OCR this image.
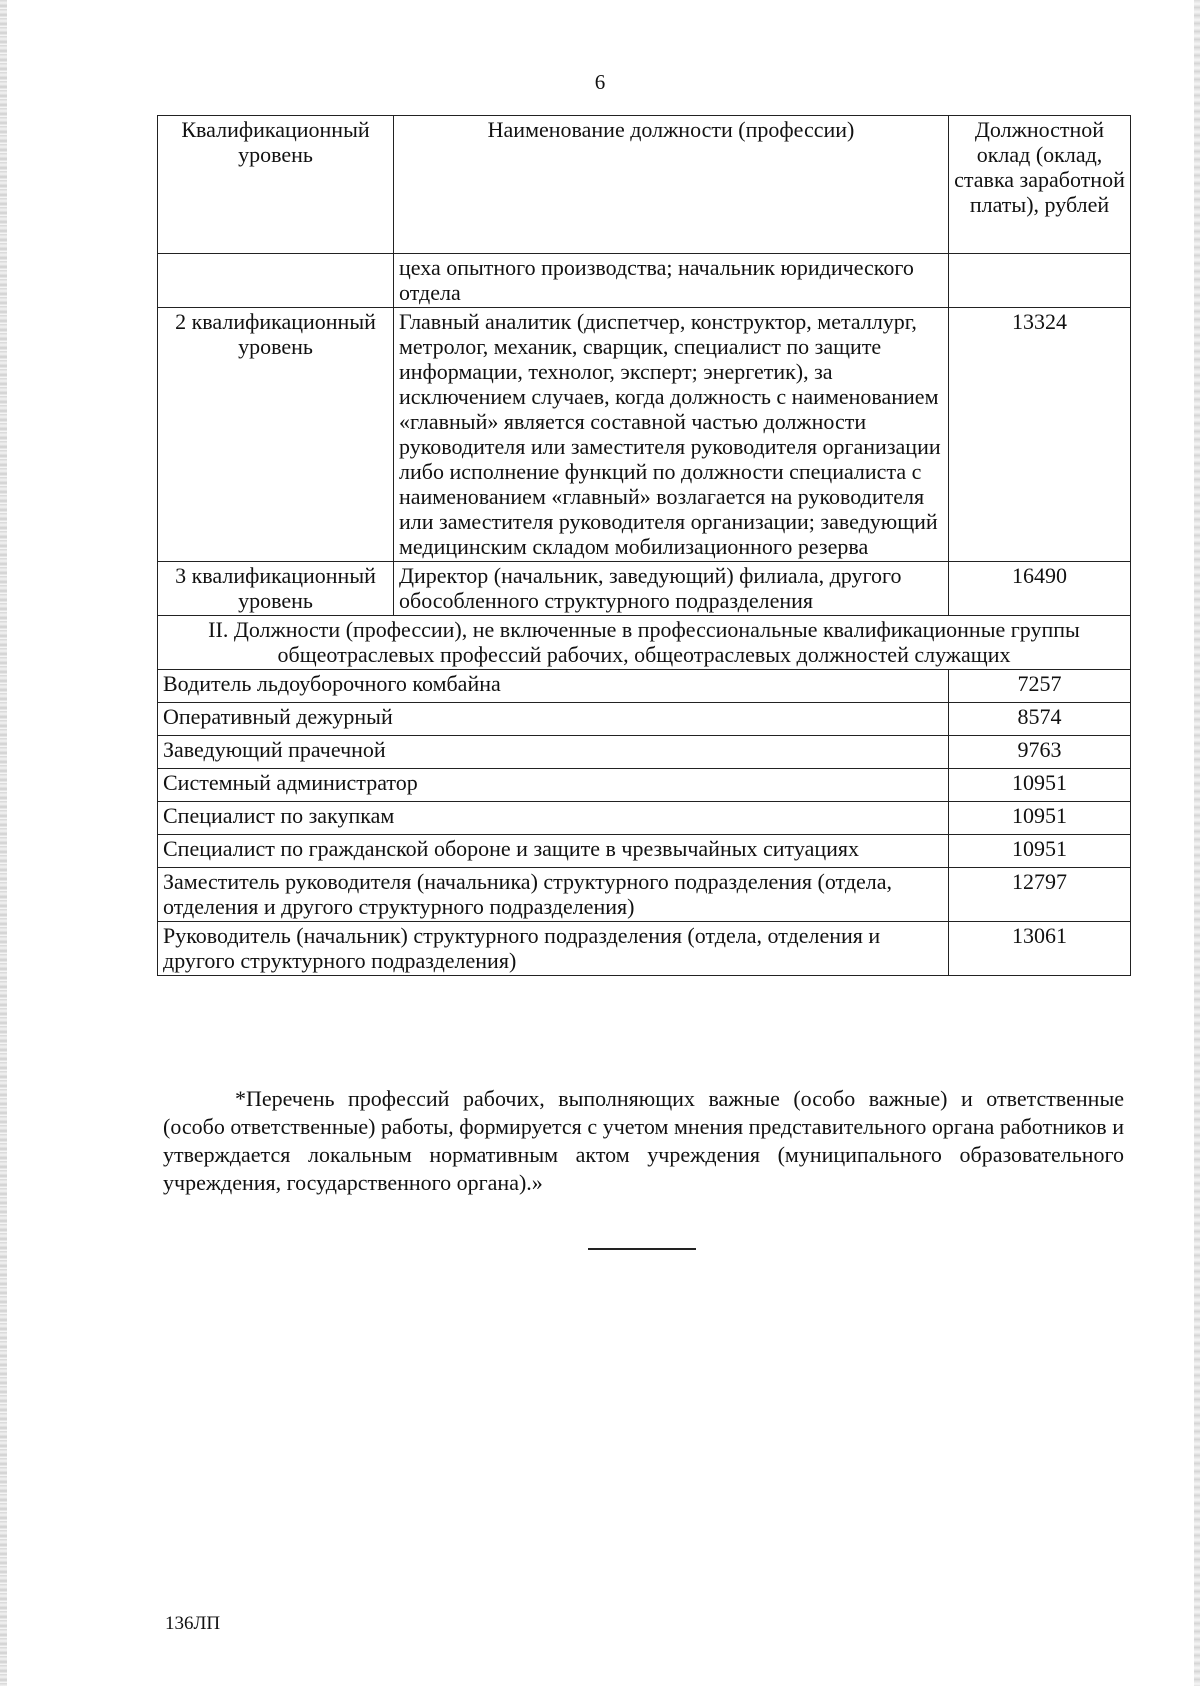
6
Квалификационный уровень	Наименование должности (профессии)	Должностной оклад (оклад, ставка заработной платы), рублей
	цеха опытного производства; начальник юридического отдела	
2 квалификационный уровень	Главный аналитик (диспетчер, конструктор, металлург, метролог, механик, сварщик, специалист по защите информации, технолог, эксперт; энергетик), за исключением случаев, когда должность с наименованием «главный» является составной частью должности руководителя или заместителя руководителя организации либо исполнение функций по должности специалиста с наименованием «главный» возлагается на руководителя или заместителя руководителя организации; заведующий медицинским складом мобилизационного резерва	13324
3 квалификационный уровень	Директор (начальник, заведующий) филиала, другого обособленного структурного подразделения	16490
II. Должности (профессии), не включенные в профессиональные квалификационные группы общеотраслевых профессий рабочих, общеотраслевых должностей служащих		
Водитель льдоуборочного комбайна		7257
Оперативный дежурный		8574
Заведующий прачечной		9763
Системный администратор		10951
Специалист по закупкам		10951
Специалист по гражданской обороне и защите в чрезвычайных ситуациях		10951
Заместитель руководителя (начальника) структурного подразделения (отдела, отделения и другого структурного подразделения)		12797
Руководитель (начальник) структурного подразделения (отдела, отделения и другого структурного подразделения)		13061

*Перечень профессий рабочих, выполняющих важные (особо важные) и ответственные (особо ответственные) работы, формируется с учетом мнения представительного органа работников и утверждается локальным нормативным актом учреждения (муниципального образовательного учреждения, государственного органа).»

136ЛП
